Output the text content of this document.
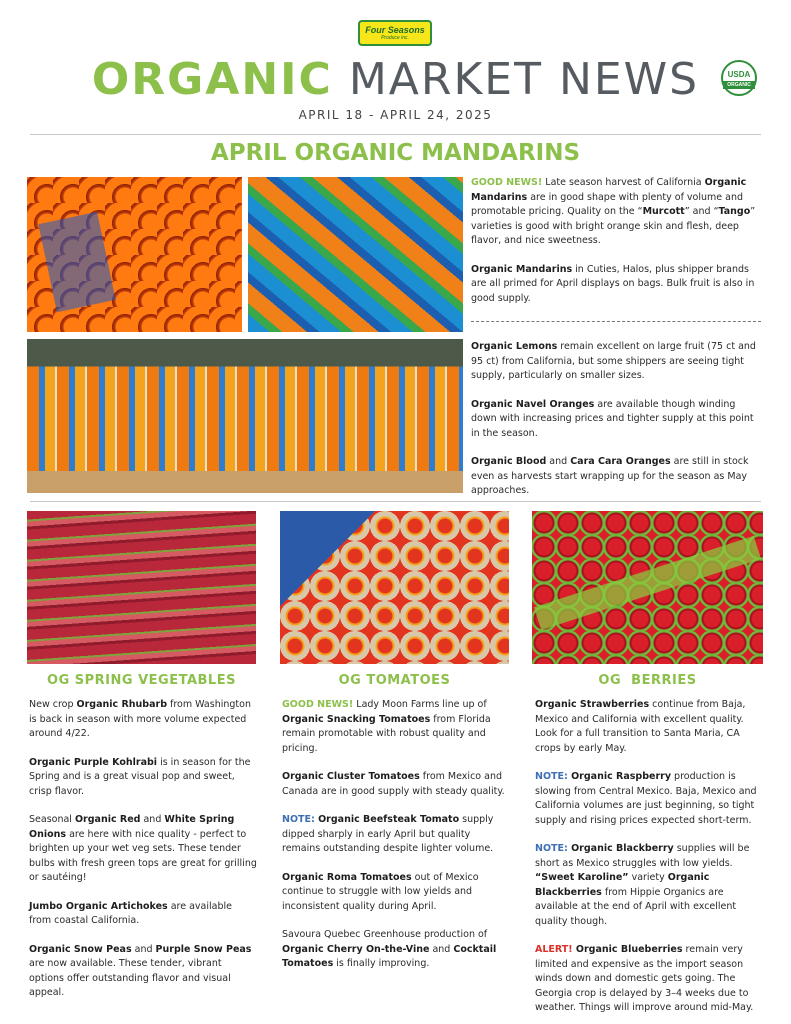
Four Seasons
Produce inc.
ORGANIC MARKET NEWS	USDA
ORGANIC
APRIL 18 - APRIL 24, 2025
APRIL ORGANIC MANDARINS

GOOD NEWS! Late season harvest of California Organic Mandarins are in good shape with plenty of volume and promotable pricing. Quality on the “Murcott” and “Tango” varieties is good with bright orange skin and flesh, deep flavor, and nice sweetness.

Organic Mandarins in Cuties, Halos, plus shipper brands are all primed for April displays on bags. Bulk fruit is also in good supply.

Organic Lemons remain excellent on large fruit (75 ct and 95 ct) from California, but some shippers are seeing tight supply, particularly on smaller sizes.

Organic Navel Oranges are available though winding down with increasing prices and tighter supply at this point in the season.

Organic Blood and Cara Cara Oranges are still in stock even as harvests start wrapping up for the season as May approaches.

OG SPRING VEGETABLES	OG TOMATOES	OG  BERRIES

New crop Organic Rhubarb from Washington is back in season with more volume expected around 4/22.

Organic Purple Kohlrabi is in season for the Spring and is a great visual pop and sweet, crisp flavor.

Seasonal Organic Red and White Spring Onions are here with nice quality - perfect to brighten up your wet veg sets. These tender bulbs with fresh green tops are great for grilling or sautéing!

Jumbo Organic Artichokes are available from coastal California.

Organic Snow Peas and Purple Snow Peas are now available. These tender, vibrant options offer outstanding flavor and visual appeal.

GOOD NEWS! Lady Moon Farms line up of Organic Snacking Tomatoes from Florida remain promotable with robust quality and pricing.

Organic Cluster Tomatoes from Mexico and Canada are in good supply with steady quality.

NOTE: Organic Beefsteak Tomato supply dipped sharply in early April but quality remains outstanding despite lighter volume.

Organic Roma Tomatoes out of Mexico continue to struggle with low yields and inconsistent quality during April.

Savoura Quebec Greenhouse production of Organic Cherry On-the-Vine and Cocktail Tomatoes is finally improving.

Organic Strawberries continue from Baja, Mexico and California with excellent quality. Look for a full transition to Santa Maria, CA crops by early May.

NOTE: Organic Raspberry production is slowing from Central Mexico. Baja, Mexico and California volumes are just beginning, so tight supply and rising prices expected short-term.

NOTE: Organic Blackberry supplies will be short as Mexico struggles with low yields. “Sweet Karoline” variety Organic Blackberries from Hippie Organics are available at the end of April with excellent quality though.

ALERT! Organic Blueberries remain very limited and expensive as the import season winds down and domestic gets going. The Georgia crop is delayed by 3–4 weeks due to weather. Things will improve around mid-May.
